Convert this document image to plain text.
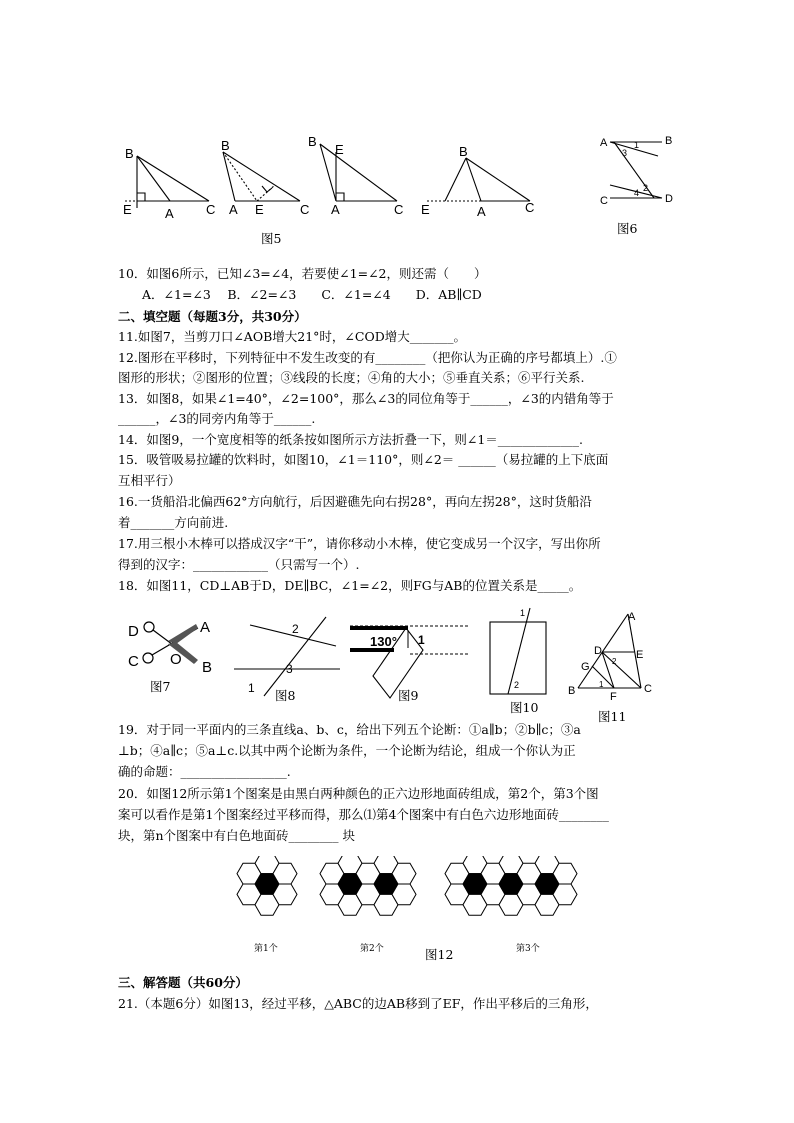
B
E	A C
B
A E	C
B
E
A	C
B
E	A	C
图5
A	B
C	D
1
3
2
4
图6
10．如图6所示，已知∠3=∠4，若要使∠1=∠2，则还需（　　）
A．∠1=∠3　 B．∠2=∠3　　C．∠1=∠4　　D．AB∥CD
二、填空题（每题3分，共30分）
11.如图7，当剪刀口∠AOB增大21°时，∠COD增大_______。
12.图形在平移时，下列特征中不发生改变的有________（把你认为正确的序号都填上）.①
图形的形状；②图形的位置；③线段的长度；④角的大小；⑤垂直关系；⑥平行关系.
13．如图8，如果∠1=40°，∠2=100°，那么∠3的同位角等于______，∠3的内错角等于
______，∠3的同旁内角等于______.
14．如图9，一个宽度相等的纸条按如图所示方法折叠一下，则∠1＝_____________.
15．吸管吸易拉罐的饮料时，如图10，∠1＝110°，则∠2＝ ______（易拉罐的上下底面
互相平行）
16.一货船沿北偏西62°方向航行，后因避礁先向右拐28°，再向左拐28°，这时货船沿
着_______方向前进.
17.用三根小木棒可以搭成汉字“干”，请你移动小木棒，使它变成另一个汉字，写出你所
得到的汉字：____________（只需写一个）.
18．如图11，CD⊥AB于D，DE∥BC，∠1=∠2，则FG与AB的位置关系是_____。
D	A
C O B
图7
2
3
1 图8
130° 1
图9
1
2
图10
A
D	E
G
B	F
C
2
1
图11
19．对于同一平面内的三条直线a、b、c，给出下列五个论断：①a∥b；②b∥c；③a
⊥b；④a∥c；⑤a⊥c.以其中两个论断为条件，一个论断为结论，组成一个你认为正
确的命题：_________________.
20．如图12所示第1个图案是由黑白两种颜色的正六边形地面砖组成，第2个，第3个图
案可以看作是第1个图案经过平移而得，那么⑴第4个图案中有白色六边形地面砖________
块，第n个图案中有白色地面砖________ 块
第1个	第2个	第3个
图12
三、解答题（共60分）
21.（本题6分）如图13，经过平移，△ABC的边AB移到了EF，作出平移后的三角形，
